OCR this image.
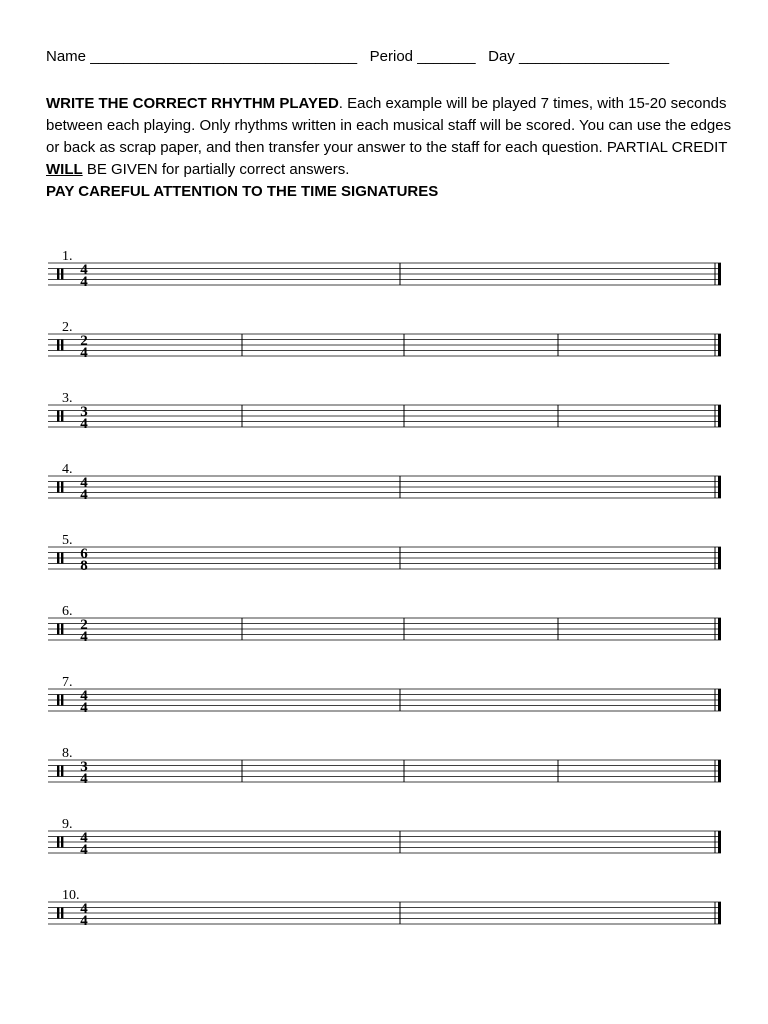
Name ________________________________ Period _______ Day __________________

WRITE THE CORRECT RHYTHM PLAYED. Each example will be played 7 times, with 15-20 seconds between each playing. Only rhythms written in each musical staff will be scored. You can use the edges or back as scrap paper, and then transfer your answer to the staff for each question. PARTIAL CREDIT WILL BE GIVEN for partially correct answers.

PAY CAREFUL ATTENTION TO THE TIME SIGNATURES

1.
4
4
2.
2
4
3.
3
4
4.
4
4
5.
6
8
6.
2
4
7.
4
4
8.
3
4
9.
4
4
10.
4
4
